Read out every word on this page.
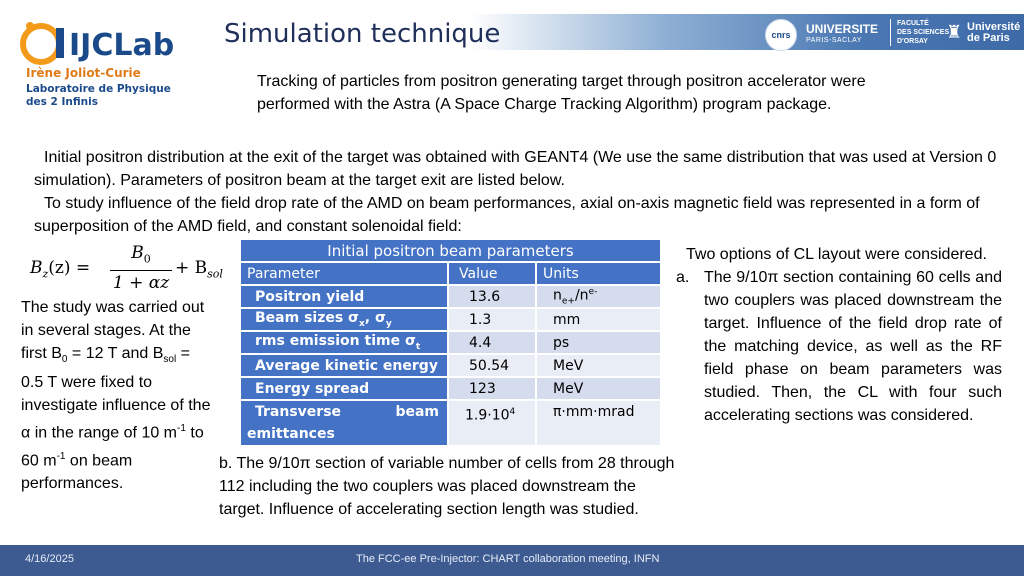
IJCLab
Irène Joliot-Curie
Laboratoire de Physique
des 2 Infinis
Simulation technique	cnrs	UNIVERSITE
PARIS-SACLAY
FACULTÉ
DES SCIENCES
D'ORSAY	♜ Université
de Paris
Tracking of particles from positron generating target through positron accelerator were performed with the Astra (A Space Charge Tracking Algorithm) program package.
Initial positron distribution at the exit of the target was obtained with GEANT4 (We use the same distribution that was used at Version 0 simulation). Parameters of positron beam at the target exit are listed below.
To study influence of the field drop rate of the AMD on beam performances, axial on-axis magnetic field was represented in a form of superposition of the AMD field, and constant solenoidal field:
$B_z(z)$ =
$B_0$
1 + αz
+ $B_{sol}$
The study was carried out in several stages. At the first $B_0 = 12$ T and $B_{sol} = 0.5$ T were fixed to investigate influence of the α in the range of 10 $m^{-1}$ to 60 $m^{-1}$ on beam performances.
Initial positron beam parameters		
Parameter	Value	Units
Positron yield	13.6	$n_{e+}/n^{e-}$
Beam sizes $\sigma_x$, $\sigma_y$	1.3	mm
rms emission time $\sigma_t$	4.4	ps
Average kinetic energy	50.54	MeV
Energy spread	123	MeV

Transverse beam
emittances	$1.9\cdot 10^4$	π·mm·mrad
Two options of CL layout were considered.
a. The 9/10π section containing 60 cells and two couplers was placed downstream the target. Influence of the field drop rate of the matching device, as well as the RF field phase on beam parameters was studied. Then, the CL with four such accelerating sections was considered.
b. The 9/10π section of variable number of cells from 28 through 112 including the two couplers was placed downstream the target. Influence of accelerating section length was studied.
4/16/2025	The FCC-ee Pre-Injector: CHART collaboration meeting, INFN
